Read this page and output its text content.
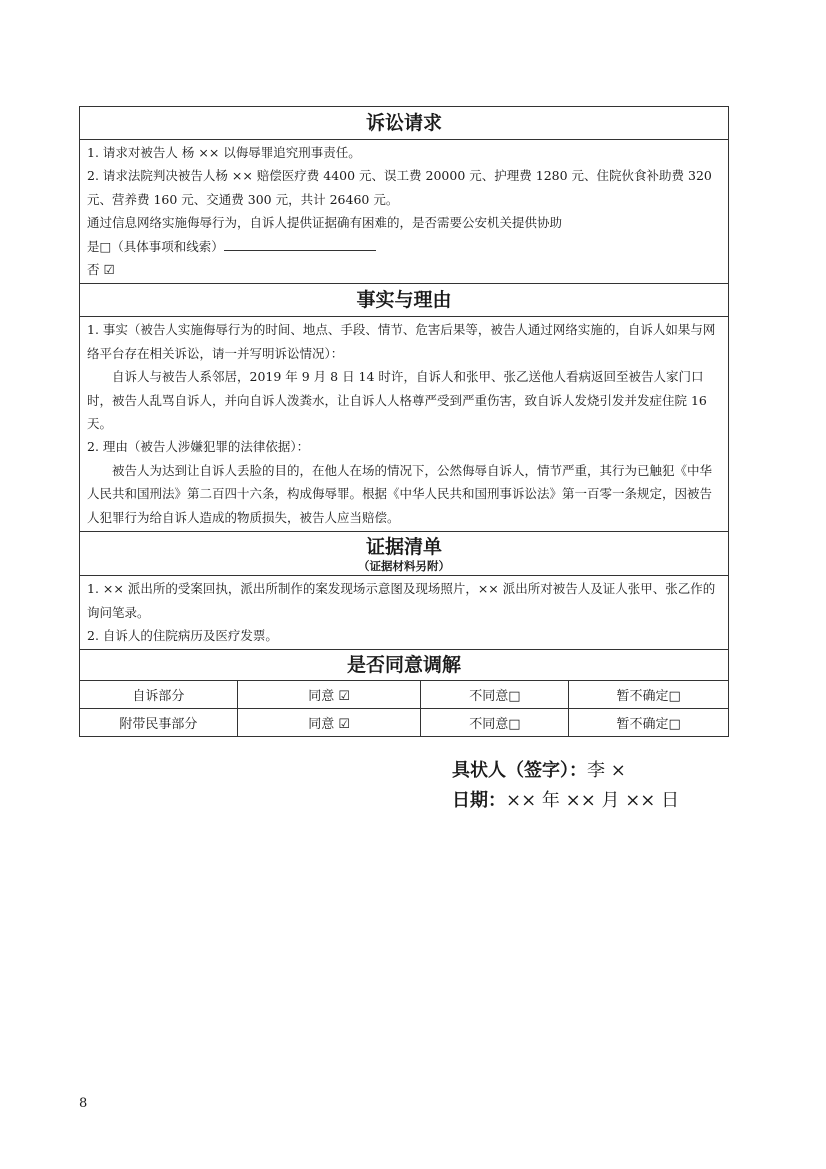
诉讼请求			

1. 请求对被告人 杨 ×× 以侮辱罪追究刑事责任。

2. 请求法院判决被告人杨 ×× 赔偿医疗费 4400 元、误工费 20000 元、护理费 1280 元、住院伙食补助费 320 元、营养费 160 元、交通费 300 元，共计 26460 元。

通过信息网络实施侮辱行为，自诉人提供证据确有困难的，是否需要公安机关提供协助

是□（具体事项和线索）

否 ☑			

事实与理由			

1. 事实（被告人实施侮辱行为的时间、地点、手段、情节、危害后果等，被告人通过网络实施的，自诉人如果与网络平台存在相关诉讼，请一并写明诉讼情况）：

自诉人与被告人系邻居，2019 年 9 月 8 日 14 时许，自诉人和张甲、张乙送他人看病返回至被告人家门口时，被告人乱骂自诉人，并向自诉人泼粪水，让自诉人人格尊严受到严重伤害，致自诉人发烧引发并发症住院 16 天。

2. 理由（被告人涉嫌犯罪的法律依据）：

被告人为达到让自诉人丢脸的目的，在他人在场的情况下，公然侮辱自诉人，情节严重，其行为已触犯《中华人民共和国刑法》第二百四十六条，构成侮辱罪。根据《中华人民共和国刑事诉讼法》第一百零一条规定，因被告人犯罪行为给自诉人造成的物质损失，被告人应当赔偿。			

证据清单
（证据材料另附）			

1. ×× 派出所的受案回执，派出所制作的案发现场示意图及现场照片，×× 派出所对被告人及证人张甲、张乙作的询问笔录。

2. 自诉人的住院病历及医疗发票。			

是否同意调解			
自诉部分	同意 ☑	不同意□	暂不确定□
附带民事部分	同意 ☑	不同意□	暂不确定□
具状人（签字）：李 ×
日期：×× 年 ×× 月 ×× 日
8
